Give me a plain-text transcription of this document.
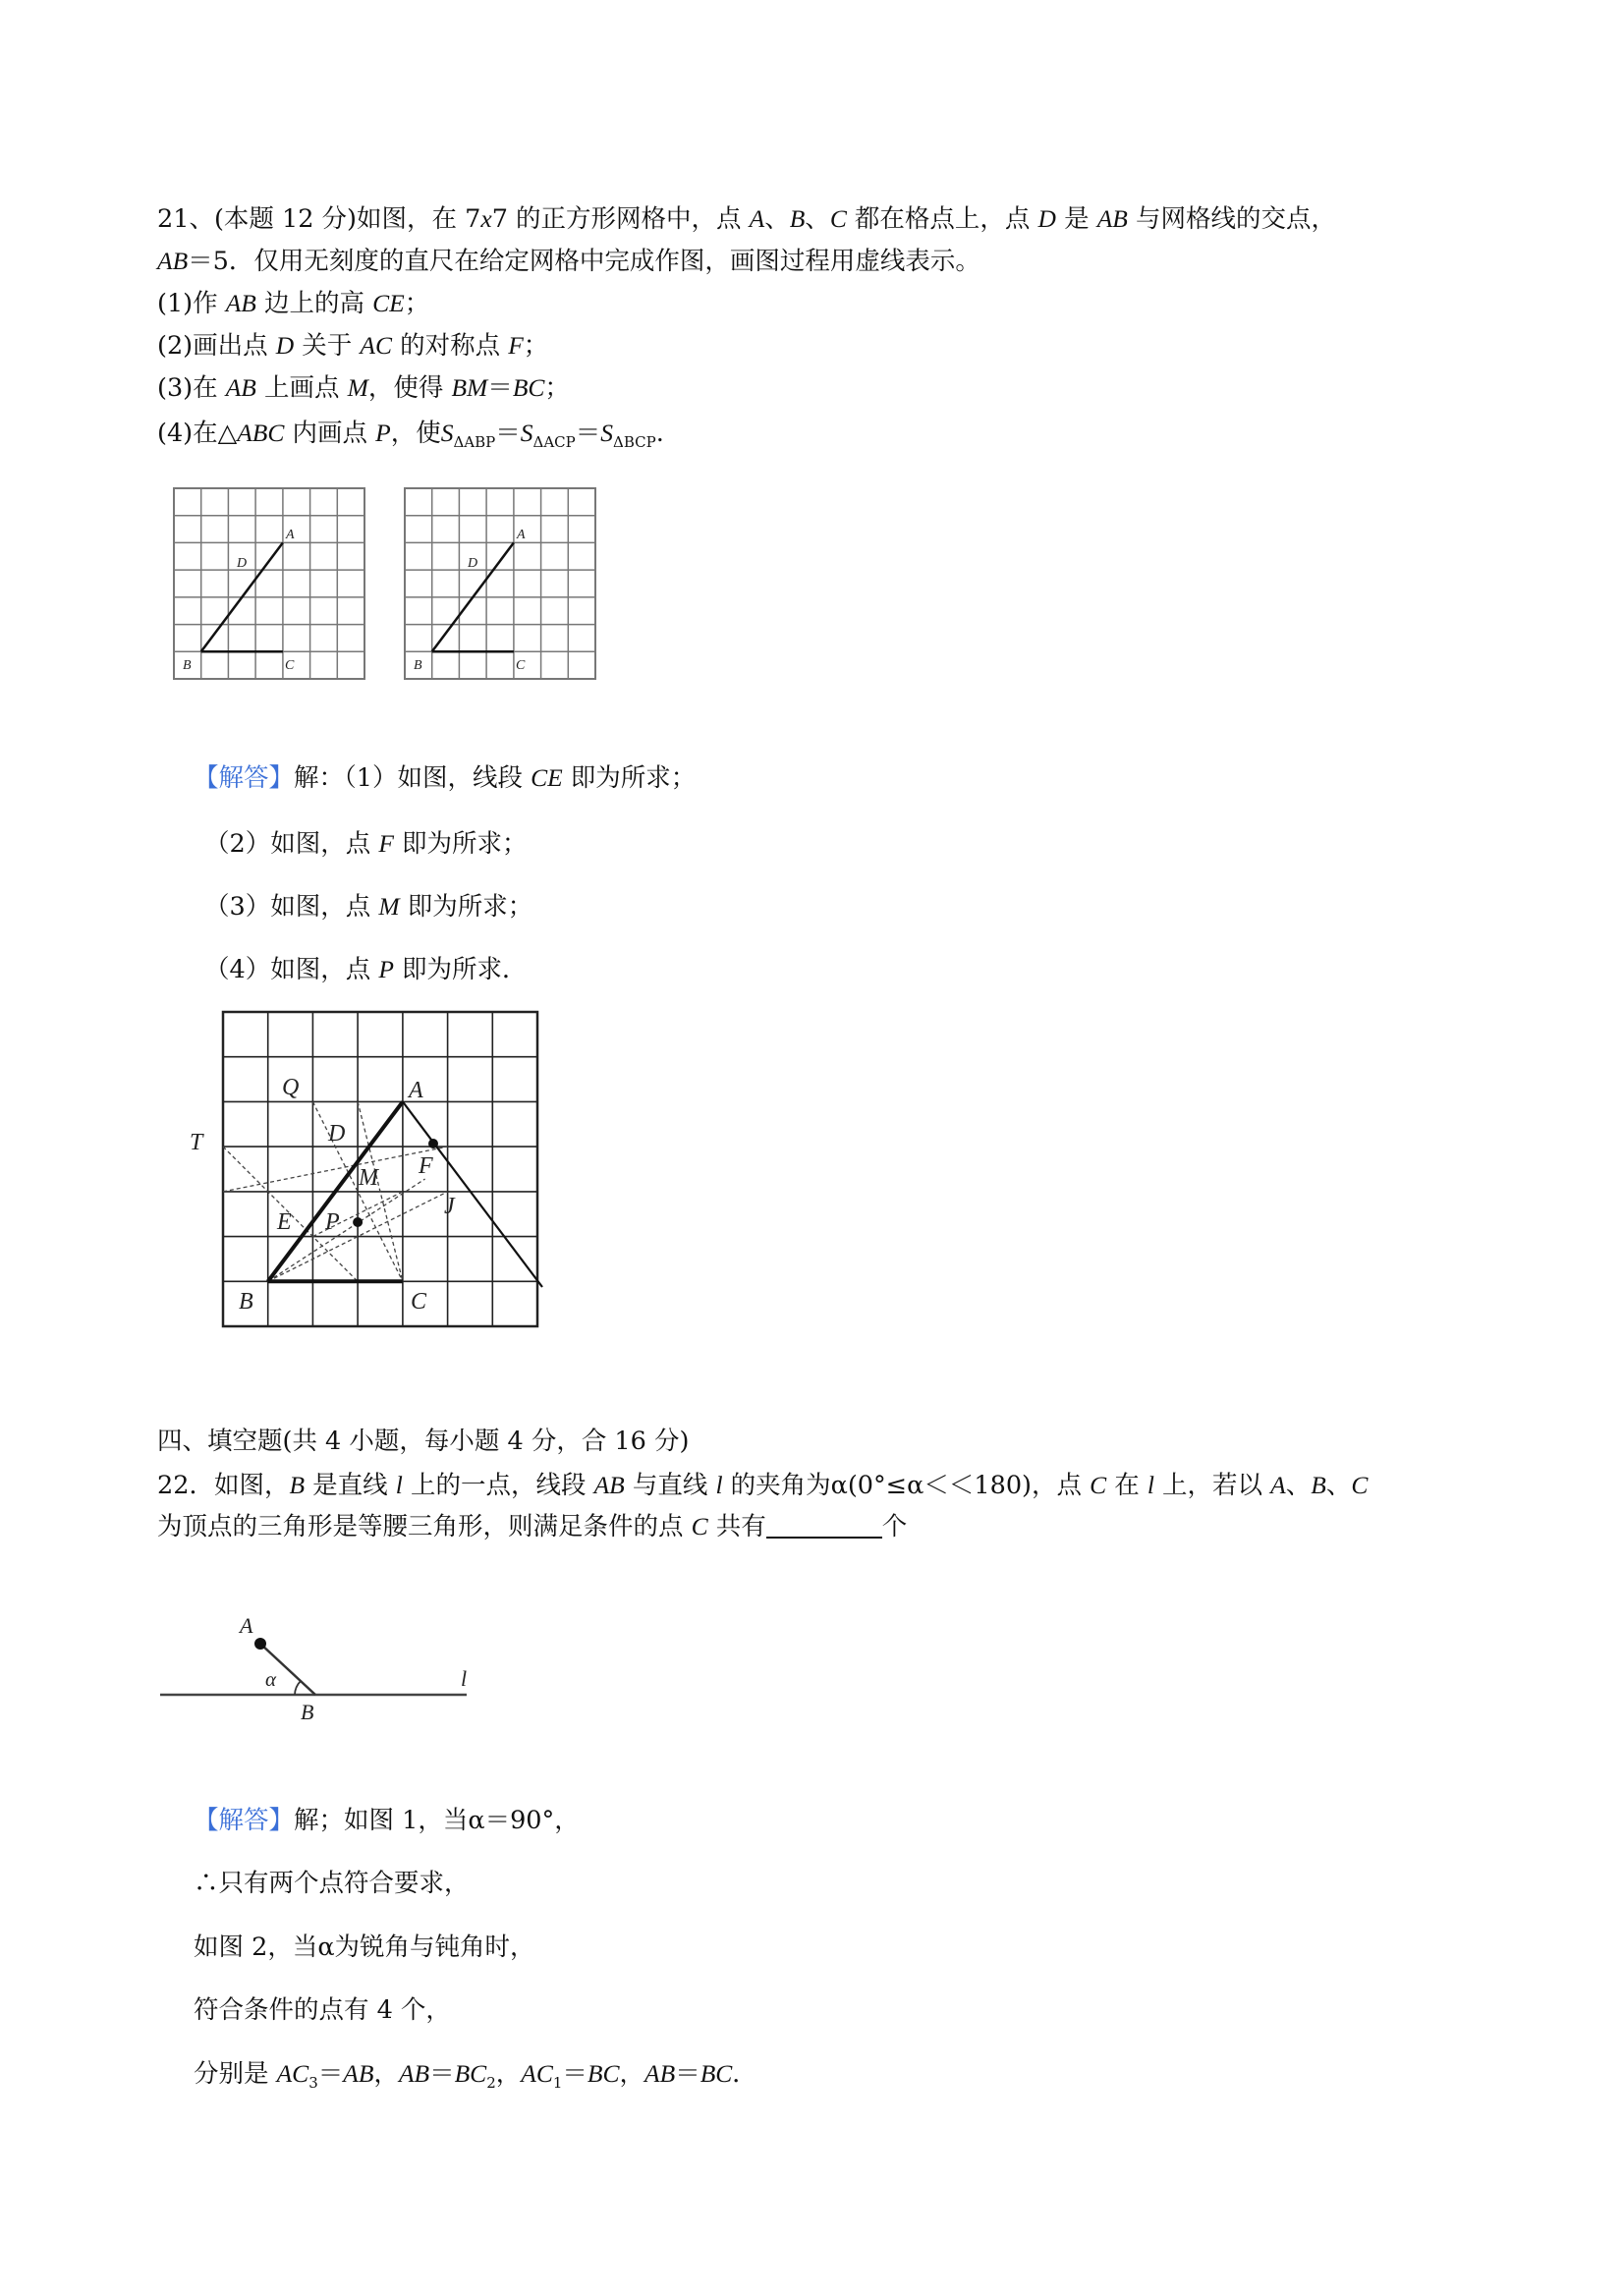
21、(本题 12 分)如图，在 7x7 的正方形网格中，点 A、B、C 都在格点上，点 D 是 AB 与网格线的交点，
AB＝5．仅用无刻度的直尺在给定网格中完成作图，画图过程用虚线表示。
(1)作 AB 边上的高 CE；
(2)画出点 D 关于 AC 的对称点 F；
(3)在 AB 上画点 M，使得 BM＝BC；
(4)在△ABC 内画点 P，使$S_{\Delta ABP}=S_{\Delta ACP}=S_{\Delta BCP}$.
A
D
B	C
A
D
B	C
【解答】解：（1）如图，线段 CE 即为所求；
（2）如图，点 F 即为所求；
（3）如图，点 M 即为所求；
（4）如图，点 P 即为所求．
Q	A
T	D
F
M
E P
J
B	C
四、填空题(共 4 小题，每小题 4 分，合 16 分)
22．如图，B 是直线 l 上的一点，线段 AB 与直线 l 的夹角为α(0°≤α＜＜180)，点 C 在 l 上，若以 A、B、C
为顶点的三角形是等腰三角形，则满足条件的点 C 共有	个
A
α
B
l
【解答】解；如图 1，当α＝90°，
∴只有两个点符合要求，
如图 2，当α为锐角与钝角时，
符合条件的点有 4 个，
分别是 $AC_3=AB$，$AB=BC_2$，$AC_1=BC$，AB＝BC．
